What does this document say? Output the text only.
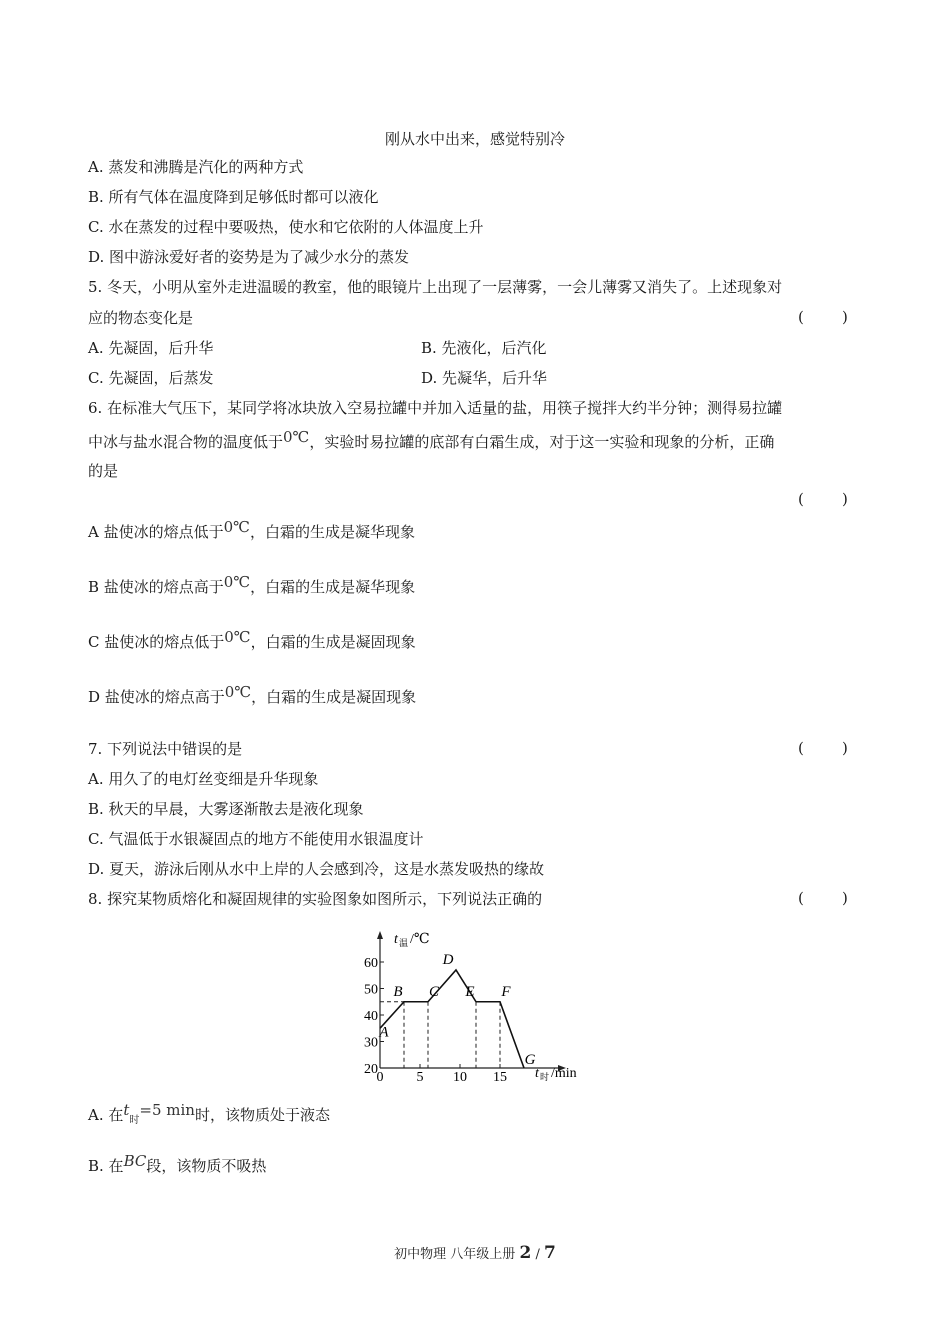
刚从水中出来，感觉特别冷
A. 蒸发和沸腾是汽化的两种方式
B. 所有气体在温度降到足够低时都可以液化
C. 水在蒸发的过程中要吸热，使水和它依附的人体温度上升
D. 图中游泳爱好者的姿势是为了减少水分的蒸发
5. 冬天，小明从室外走进温暖的教室，他的眼镜片上出现了一层薄雾，一会儿薄雾又消失了。上述现象对
应的物态变化是	(        )
A. 先凝固，后升华	B. 先液化，后汽化
C. 先凝固，后蒸发	D. 先凝华，后升华
6. 在标准大气压下，某同学将冰块放入空易拉罐中并加入适量的盐，用筷子搅拌大约半分钟；测得易拉罐
中冰与盐水混合物的温度低于0℃，实验时易拉罐的底部有白霜生成，对于这一实验和现象的分析，正确
的是
(        )
A 盐使冰的熔点低于0℃，白霜的生成是凝华现象
B 盐使冰的熔点高于0℃，白霜的生成是凝华现象
C 盐使冰的熔点低于0℃，白霜的生成是凝固现象
D 盐使冰的熔点高于0℃，白霜的生成是凝固现象
7. 下列说法中错误的是	(        )
A. 用久了的电灯丝变细是升华现象
B. 秋天的早晨，大雾逐渐散去是液化现象
C. 气温低于水银凝固点的地方不能使用水银温度计
D. 夏天，游泳后刚从水中上岸的人会感到冷，这是水蒸发吸热的缘故
8. 探究某物质熔化和凝固规律的实验图象如图所示，下列说法正确的	(        )
t 温 /℃
t 时 /min
20
30
40
50
60
0 5 10 15
A
B C
D
E F
G
A. 在$t_时=5$ min时，该物质处于液态
B. 在BC段，该物质不吸热
初中物理 八年级上册 2 / 7
